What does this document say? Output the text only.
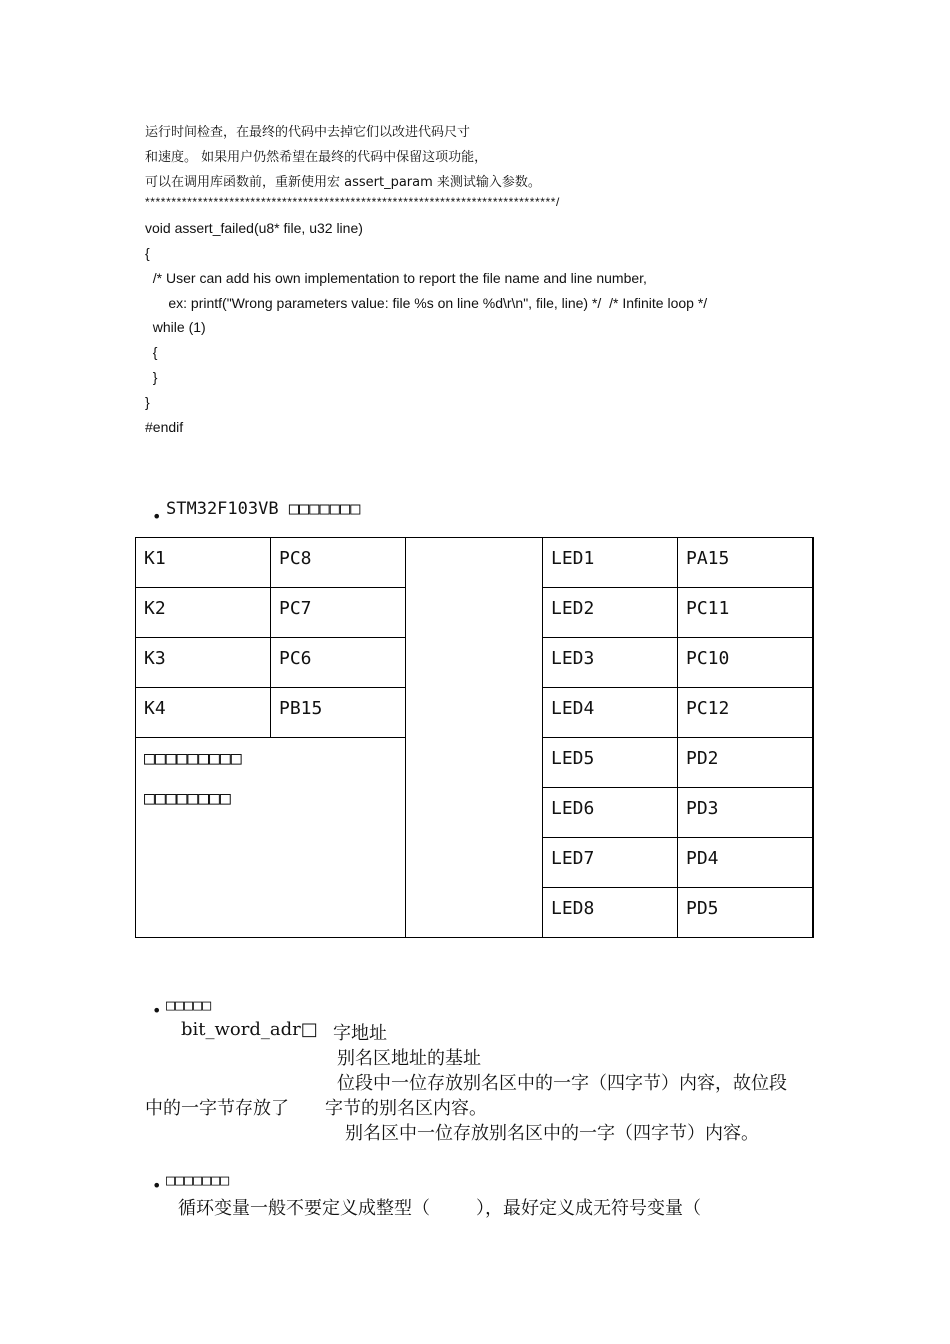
运行时间检查，在最终的代码中去掉它们以改进代码尺寸
和速度。 如果用户仍然希望在最终的代码中保留这项功能，
可以在调用库函数前，重新使用宏 assert_param 来测试输入参数。
******************************************************************************/
void assert_failed(u8* file, u32 line)
{
/* User can add his own implementation to report the file name and line number,
ex: printf("Wrong parameters value: file %s on line %d\r\n", file, line) */  /* Infinite loop */
while (1)
{
}
}
#endif
• STM32F103VB □□□□□□□
K1	PC8		LED1	PA15

K2	PC7		LED2	PC11

K3	PC6		LED3	PC10

K4	PB15		LED4	PC12

□□□□□□□□□
□□□□□□□□			LED5	PD2

			LED6	PD3

			LED7	PD4

			LED8	PD5
• □□□□□
bit_word_adr□ 字地址
别名区地址的基址
位段中一位存放别名区中的一字（四字节）内容，故位段
中的一字节存放了 字节的别名区内容。
别名区中一位存放别名区中的一字（四字节）内容。
• □□□□□□□
循环变量一般不要定义成整型（	），最好定义成无符号变量（
